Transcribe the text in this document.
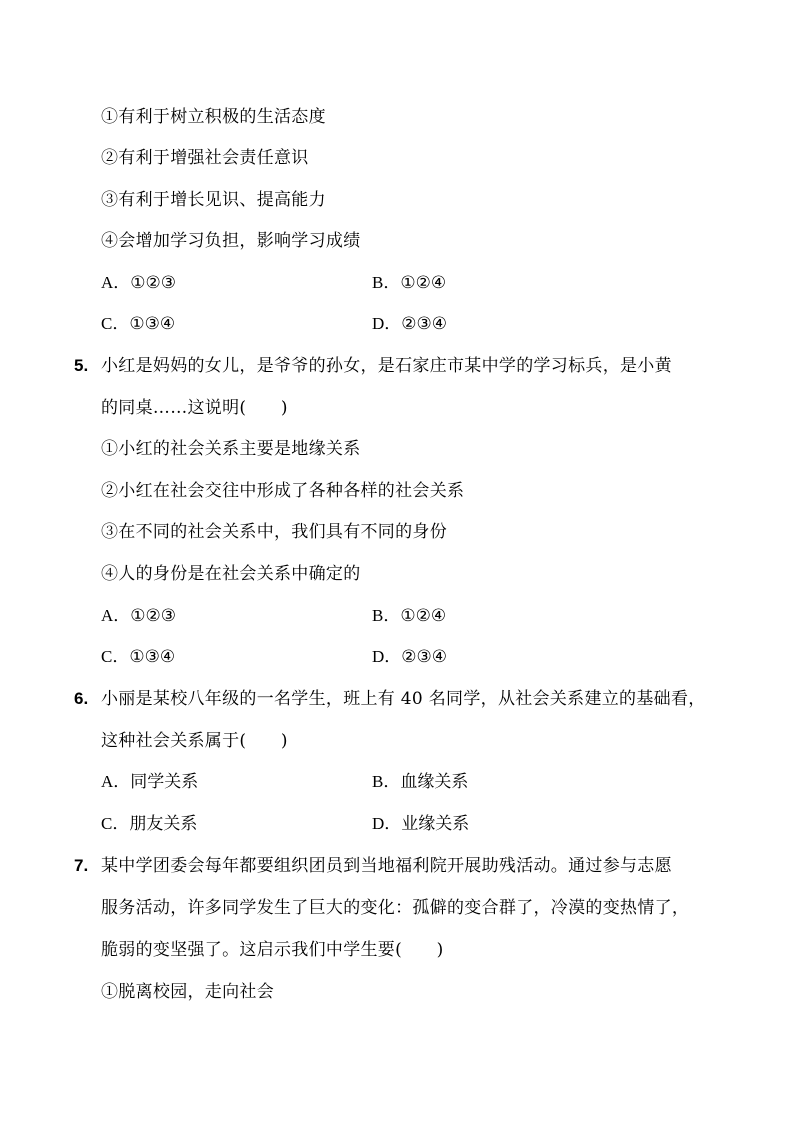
①有利于树立积极的生活态度
②有利于增强社会责任意识
③有利于增长见识、提高能力
④会增加学习负担，影响学习成绩
A．①②③	B．①②④
C．①③④	D．②③④
5. 小红是妈妈的女儿，是爷爷的孙女，是石家庄市某中学的学习标兵，是小黄
的同桌……这说明(　　)
①小红的社会关系主要是地缘关系
②小红在社会交往中形成了各种各样的社会关系
③在不同的社会关系中，我们具有不同的身份
④人的身份是在社会关系中确定的
A．①②③	B．①②④
C．①③④	D．②③④
6. 小丽是某校八年级的一名学生，班上有 40 名同学，从社会关系建立的基础看，
这种社会关系属于(　　)
A．同学关系	B．血缘关系
C．朋友关系	D．业缘关系
7. 某中学团委会每年都要组织团员到当地福利院开展助残活动。通过参与志愿
服务活动，许多同学发生了巨大的变化：孤僻的变合群了，冷漠的变热情了，
脆弱的变坚强了。这启示我们中学生要(　　)
①脱离校园，走向社会
